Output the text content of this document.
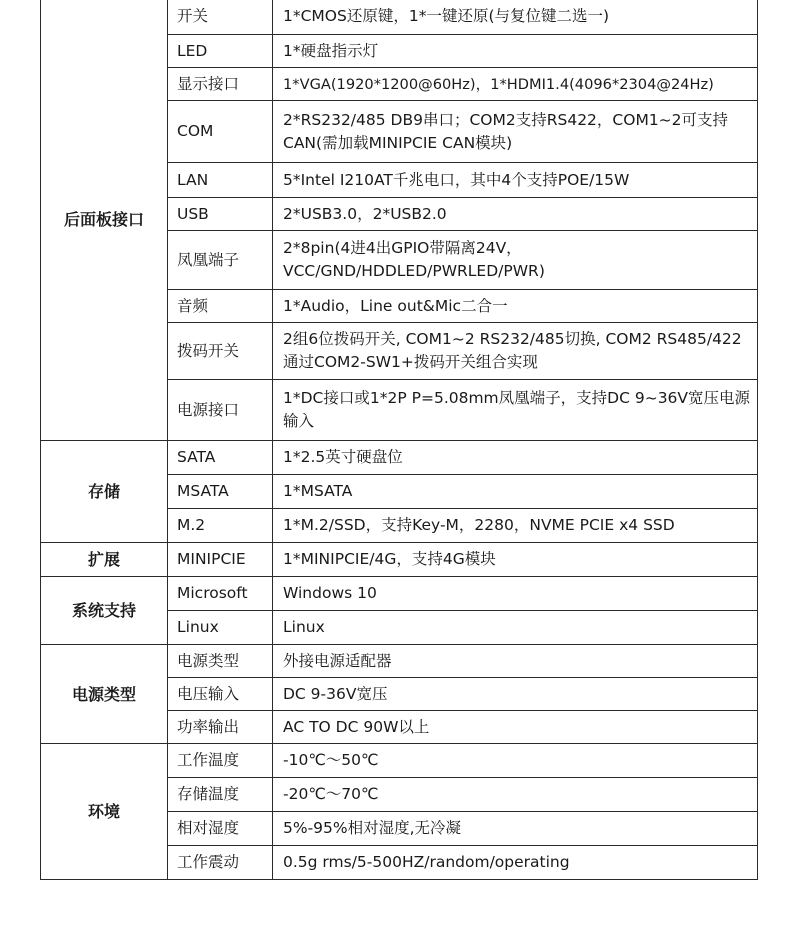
后面板接口	开关	1*CMOS还原键，1*一键还原(与复位键二选一)
	LED	1*硬盘指示灯
	显示接口	1*VGA(1920*1200@60Hz)，1*HDMI1.4(4096*2304@24Hz)
	COM	2*RS232/485 DB9串口；COM2支持RS422，COM1~2可支持CAN(需加载MINIPCIE CAN模块)
	LAN	5*Intel I210AT千兆电口，其中4个支持POE/15W
	USB	2*USB3.0，2*USB2.0
	凤凰端子	2*8pin(4进4出GPIO带隔离24V，VCC/GND/HDDLED/PWRLED/PWR)
	音频	1*Audio，Line out&Mic二合一
	拨码开关	2组6位拨码开关, COM1~2 RS232/485切换, COM2 RS485/422通过COM2-SW1+拨码开关组合实现
	电源接口	1*DC接口或1*2P P=5.08mm凤凰端子，支持DC 9~36V宽压电源输入
存储	SATA	1*2.5英寸硬盘位
	MSATA	1*MSATA
	M.2	1*M.2/SSD，支持Key-M，2280，NVME PCIE x4 SSD
扩展	MINIPCIE	1*MINIPCIE/4G，支持4G模块
系统支持	Microsoft	Windows 10
	Linux	Linux
电源类型	电源类型	外接电源适配器
	电压输入	DC 9-36V宽压
	功率输出	AC TO DC 90W以上
环境	工作温度	-10℃～50℃
	存储温度	-20℃～70℃
	相对湿度	5%-95%相对湿度,无冷凝
	工作震动	0.5g rms/5-500HZ/random/operating
